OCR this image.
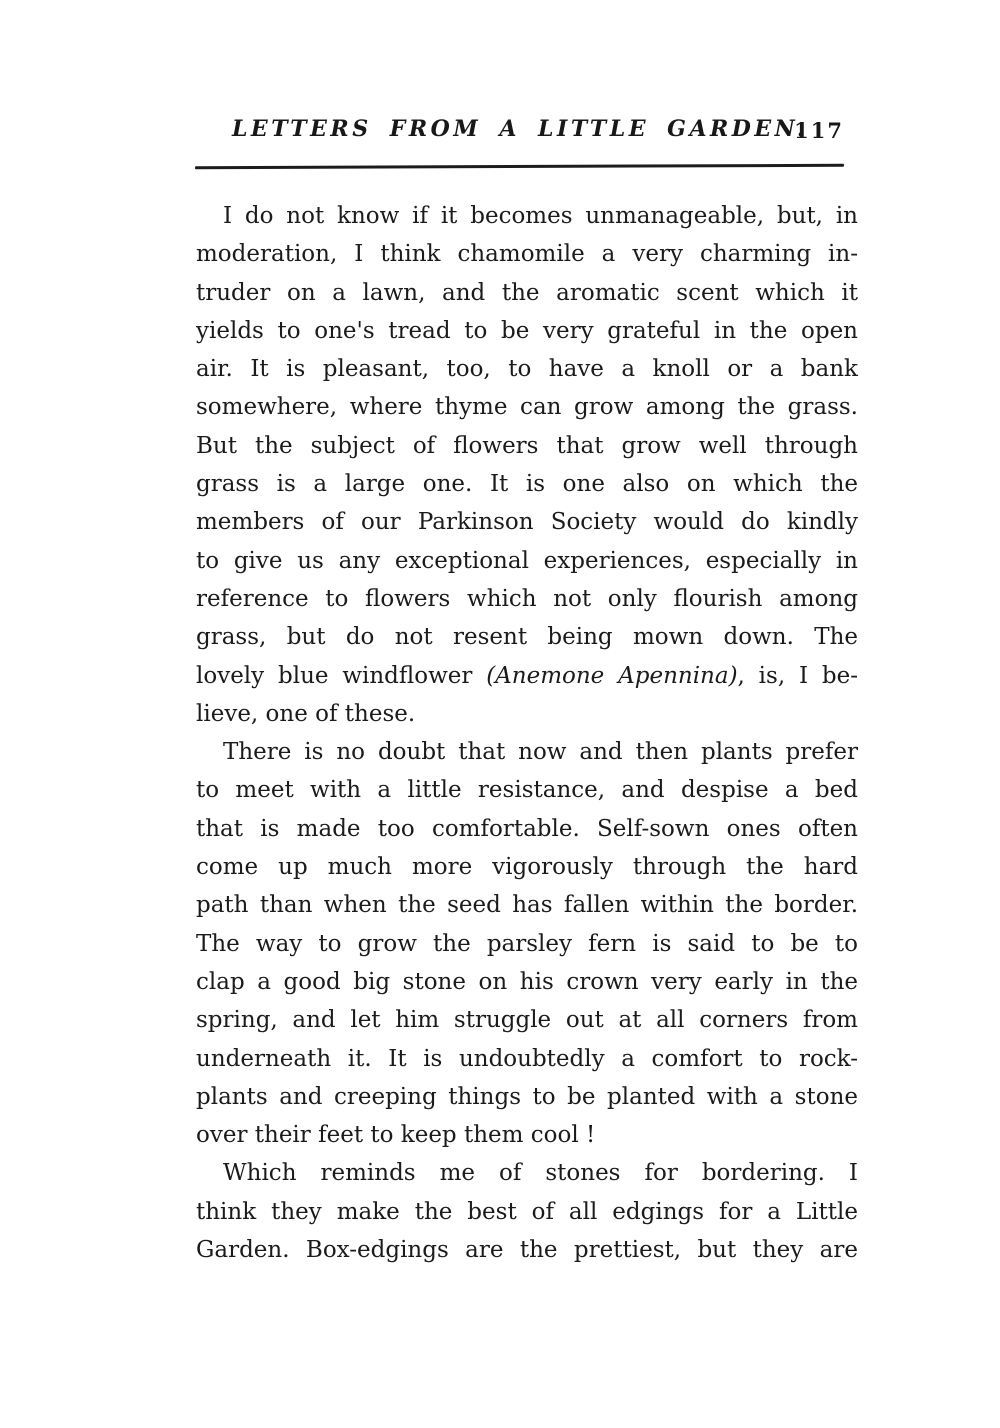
LETTERS FROM A LITTLE GARDEN.
117
I do not know if it becomes unmanageable, but, in
moderation, I think chamomile a very charming in-
truder on a lawn, and the aromatic scent which it
yields to one's tread to be very grateful in the open
air. It is pleasant, too, to have a knoll or a bank
somewhere, where thyme can grow among the grass.
But the subject of flowers that grow well through
grass is a large one. It is one also on which the
members of our Parkinson Society would do kindly
to give us any exceptional experiences, especially in
reference to flowers which not only flourish among
grass, but do not resent being mown down. The
lovely blue windflower (Anemone Apennina), is, I be-
lieve, one of these.
There is no doubt that now and then plants prefer
to meet with a little resistance, and despise a bed
that is made too comfortable. Self-sown ones often
come up much more vigorously through the hard
path than when the seed has fallen within the border.
The way to grow the parsley fern is said to be to
clap a good big stone on his crown very early in the
spring, and let him struggle out at all corners from
underneath it. It is undoubtedly a comfort to rock-
plants and creeping things to be planted with a stone
over their feet to keep them cool !
Which reminds me of stones for bordering. I
think they make the best of all edgings for a Little
Garden. Box-edgings are the prettiest, but they are
